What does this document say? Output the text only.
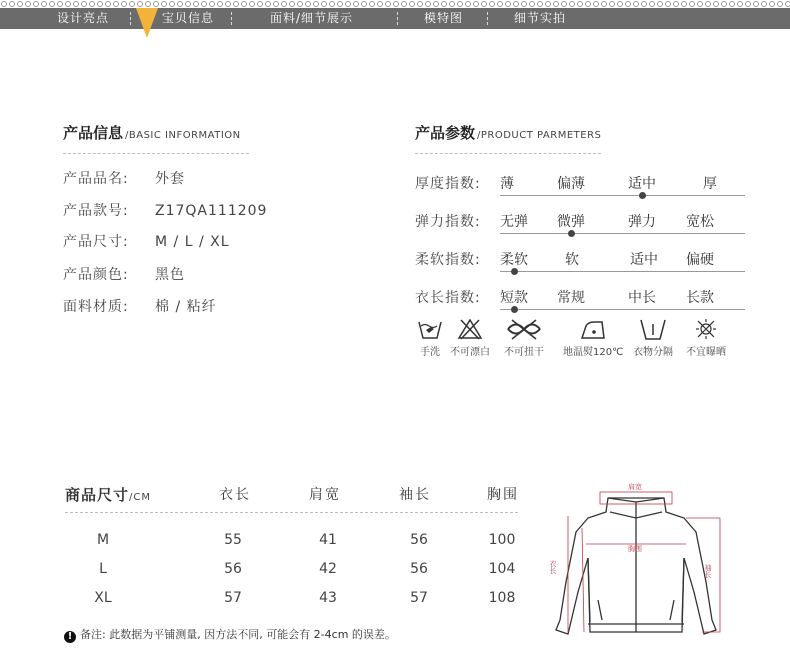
设计亮点	宝贝信息	面料/细节展示	模特图	细节实拍
产品信息 /BASIC INFORMATION
产品品名: 外套
产品款号: Z17QA111209
产品尺寸: M / L / XL
产品颜色: 黑色
面料材质: 棉 / 粘纤
产品参数 /PRODUCT PARMETERS
厚度指数: 薄	偏薄	适中	厚
弹力指数: 无弹 微弹	弹力 宽松
柔软指数: 柔软	软	适中 偏硬
衣长指数: 短款 常规	中长 长款
手洗	不可漂白	不可扭干	地温熨120℃ 衣物分隔	不宜曝晒
商品尺寸/CM	衣长	肩宽	袖长	胸围
M	55	41	56	100
L	56	42	56	104
XL	57	43	57	108
! 备注: 此数据为平铺测量, 因方法不同, 可能会有 2-4cm 的误差。
肩宽
胸围
衣长	袖长
